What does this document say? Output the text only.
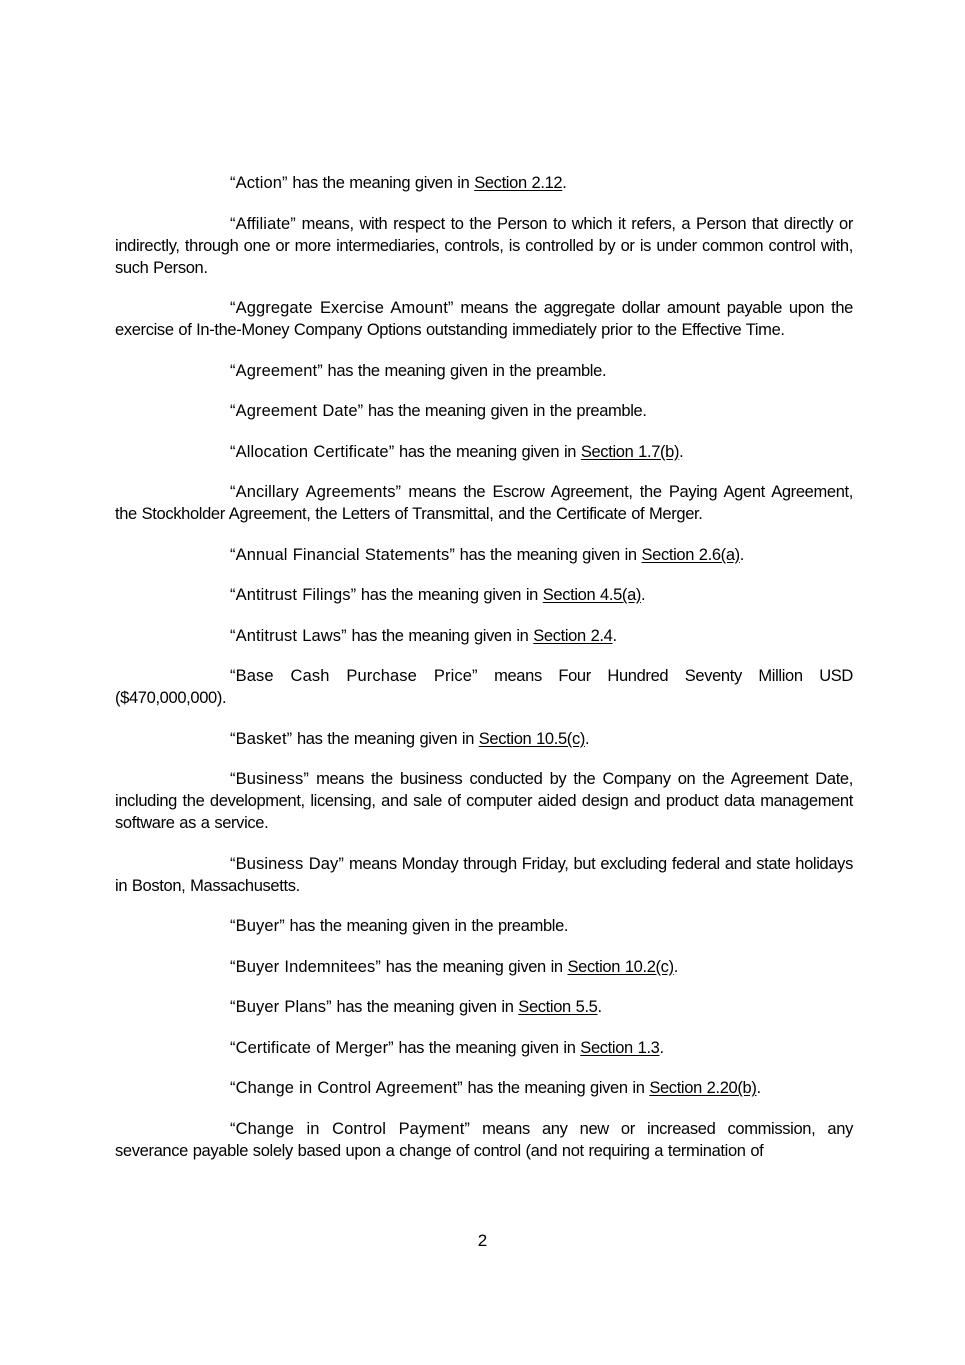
“Action” has the meaning given in Section 2.12.

“Affiliate” means, with respect to the Person to which it refers, a Person that directly or indirectly, through one or more intermediaries, controls, is controlled by or is under common control with, such Person.

“Aggregate Exercise Amount” means the aggregate dollar amount payable upon the exercise of In-the-Money Company Options outstanding immediately prior to the Effective Time.

“Agreement” has the meaning given in the preamble.

“Agreement Date” has the meaning given in the preamble.

“Allocation Certificate” has the meaning given in Section 1.7(b).

“Ancillary Agreements” means the Escrow Agreement, the Paying Agent Agreement, the Stockholder Agreement, the Letters of Transmittal, and the Certificate of Merger.

“Annual Financial Statements” has the meaning given in Section 2.6(a).

“Antitrust Filings” has the meaning given in Section 4.5(a).

“Antitrust Laws” has the meaning given in Section 2.4.

“Base Cash Purchase Price” means Four Hundred Seventy Million USD ($470,000,000).

“Basket” has the meaning given in Section 10.5(c).

“Business” means the business conducted by the Company on the Agreement Date, including the development, licensing, and sale of computer aided design and product data management software as a service.

“Business Day” means Monday through Friday, but excluding federal and state holidays in Boston, Massachusetts.

“Buyer” has the meaning given in the preamble.

“Buyer Indemnitees” has the meaning given in Section 10.2(c).

“Buyer Plans” has the meaning given in Section 5.5.

“Certificate of Merger” has the meaning given in Section 1.3.

“Change in Control Agreement” has the meaning given in Section 2.20(b).

“Change in Control Payment” means any new or increased commission, any severance payable solely based upon a change of control (and not requiring a termination of

2
